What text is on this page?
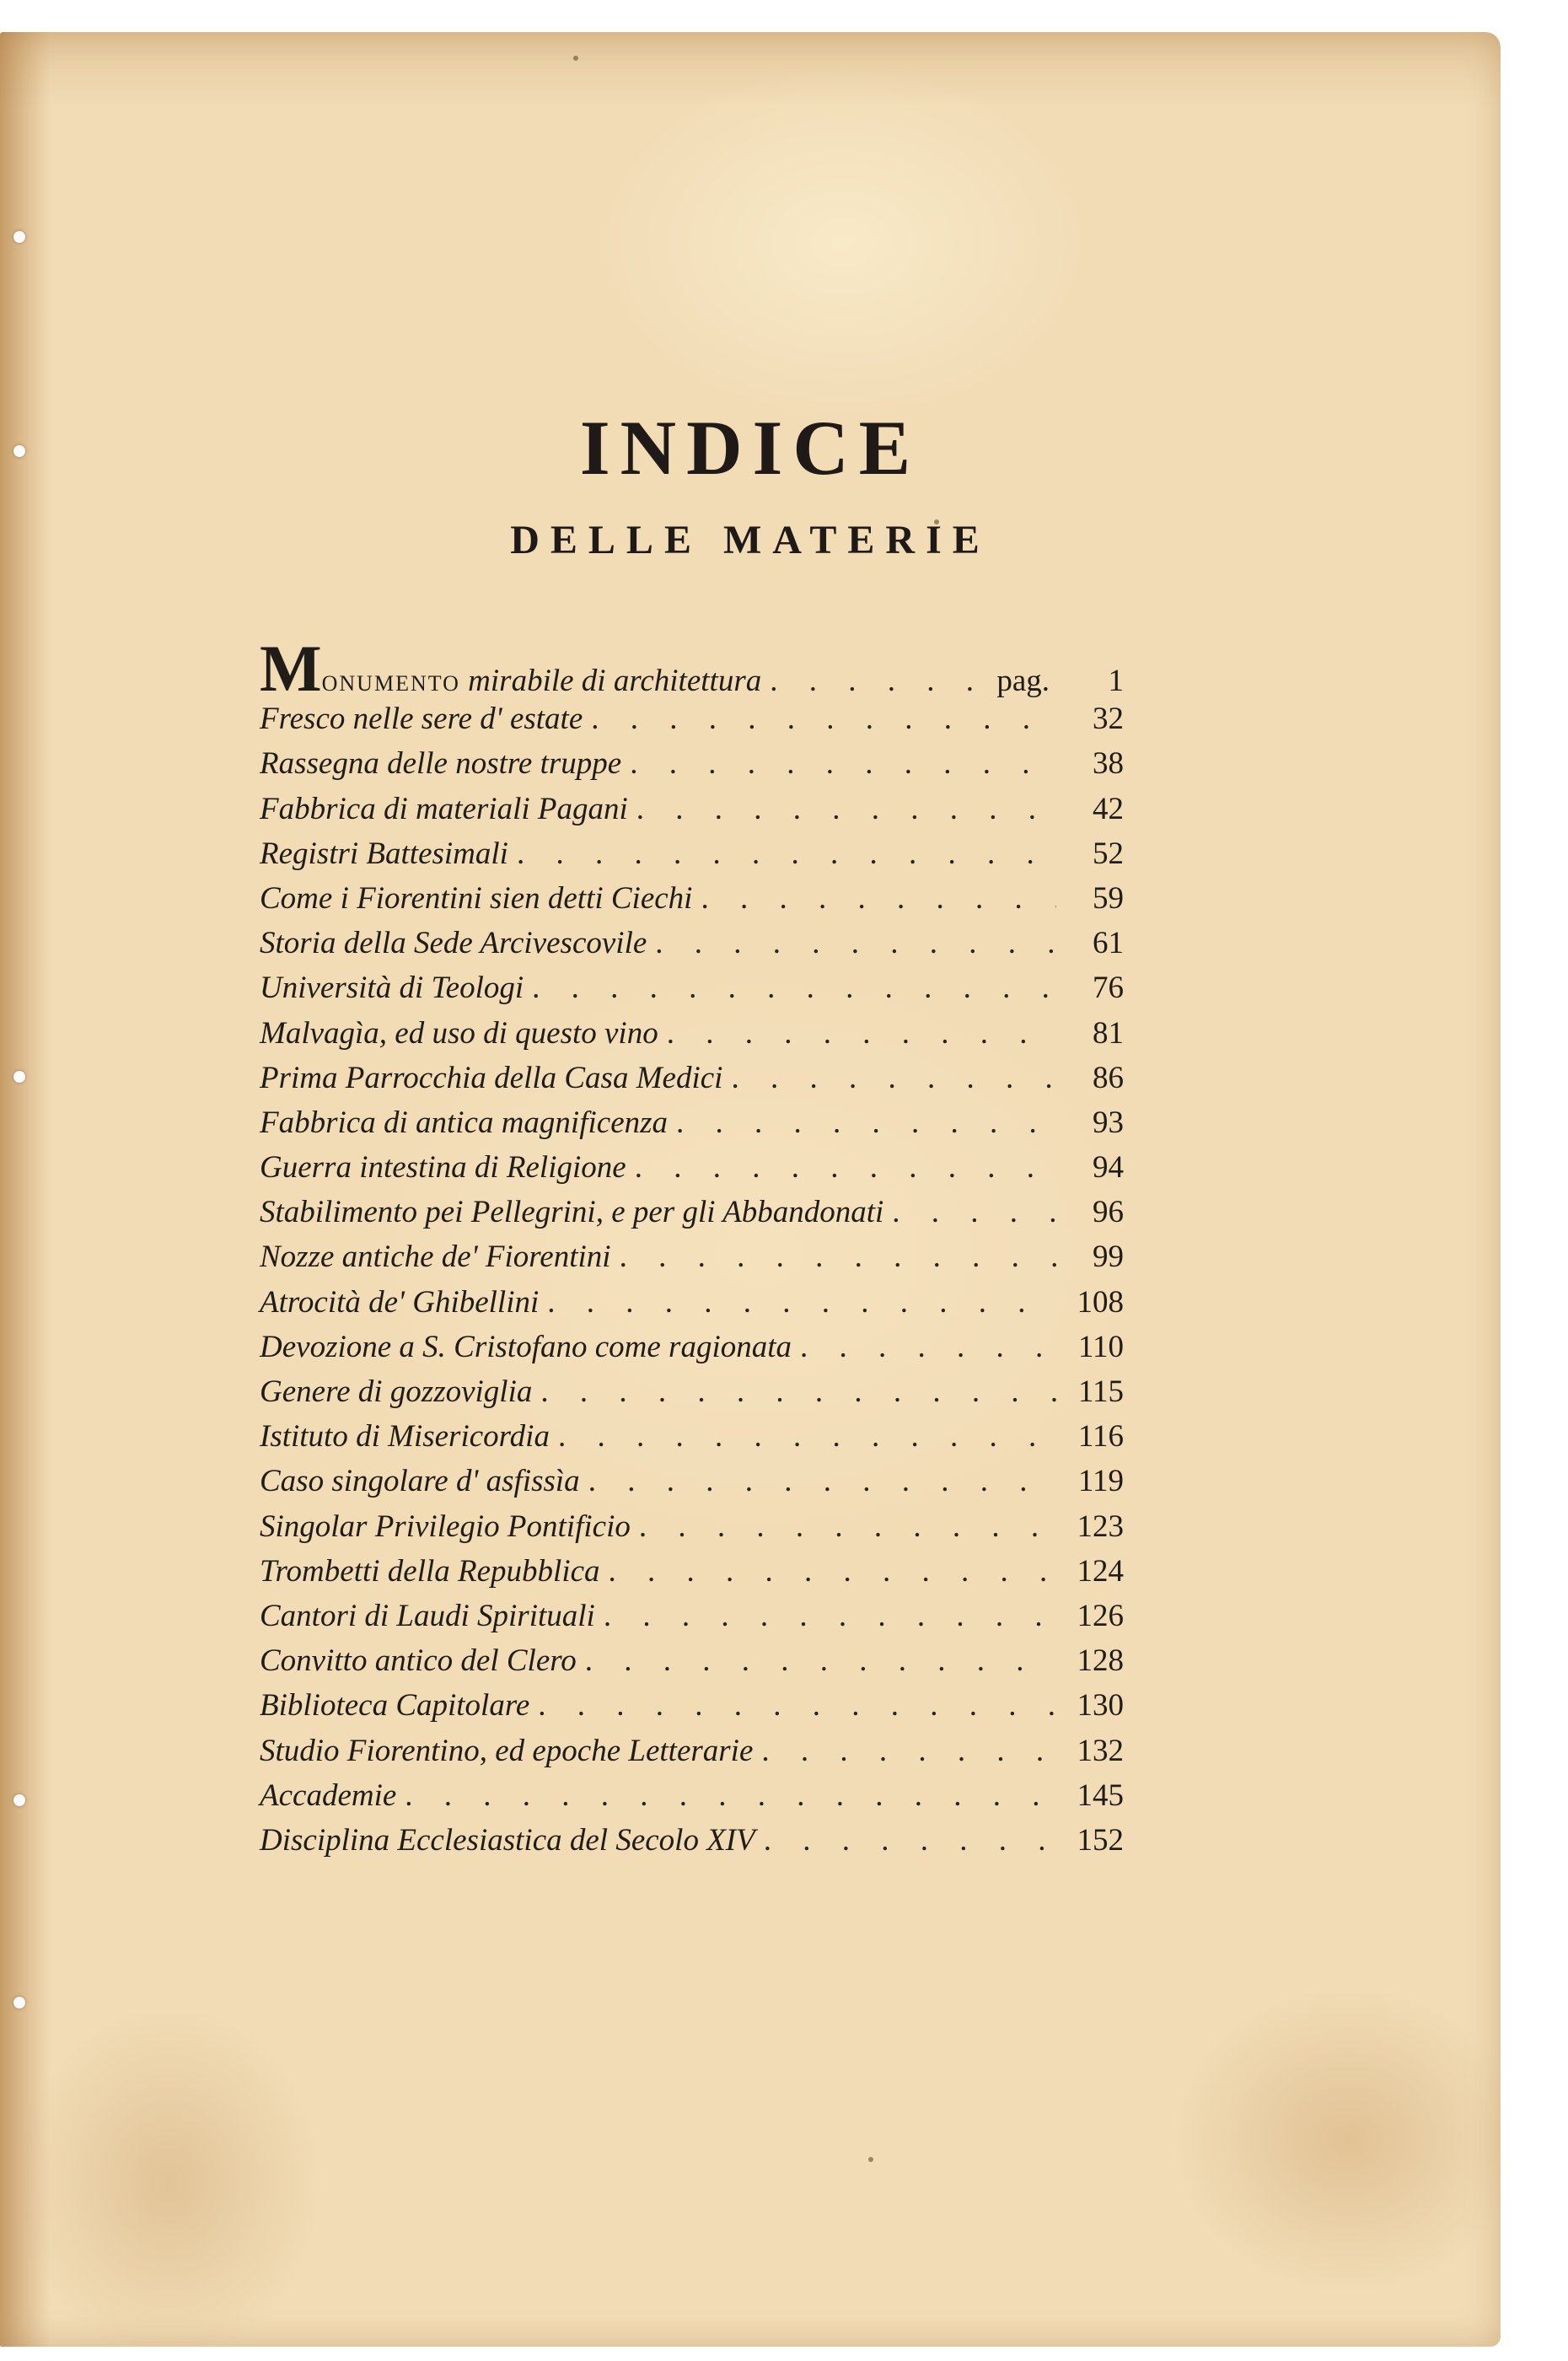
INDICE
DELLE MATERIE
Monumento mirabile di architettura . . .	pag.	1
Fresco nelle sere d' estate . . .	32
Rassegna delle nostre truppe . . .	38
Fabbrica di materiali Pagani . . .	42
Registri Battesimali . . .	52
Come i Fiorentini sien detti Ciechi . . .	59
Storia della Sede Arcivescovile . . .	61
Università di Teologi . . .	76
Malvagìa, ed uso di questo vino . . .	81
Prima Parrocchia della Casa Medici . . .	86
Fabbrica di antica magnificenza . . .	93
Guerra intestina di Religione . . .	94
Stabilimento pei Pellegrini, e per gli Abbandonati . . .	96
Nozze antiche de' Fiorentini . . .	99
Atrocità de' Ghibellini . . .	108
Devozione a S. Cristofano come ragionata . . .	110
Genere di gozzoviglia . . .	115
Istituto di Misericordia . . .	116
Caso singolare d' asfissìa . . .	119
Singolar Privilegio Pontificio . . .	123
Trombetti della Repubblica . . .	124
Cantori di Laudi Spirituali . . .	126
Convitto antico del Clero . . .	128
Biblioteca Capitolare . . .	130
Studio Fiorentino, ed epoche Letterarie . . .	132
Accademie . . .	145
Disciplina Ecclesiastica del Secolo XIV . . .	152
